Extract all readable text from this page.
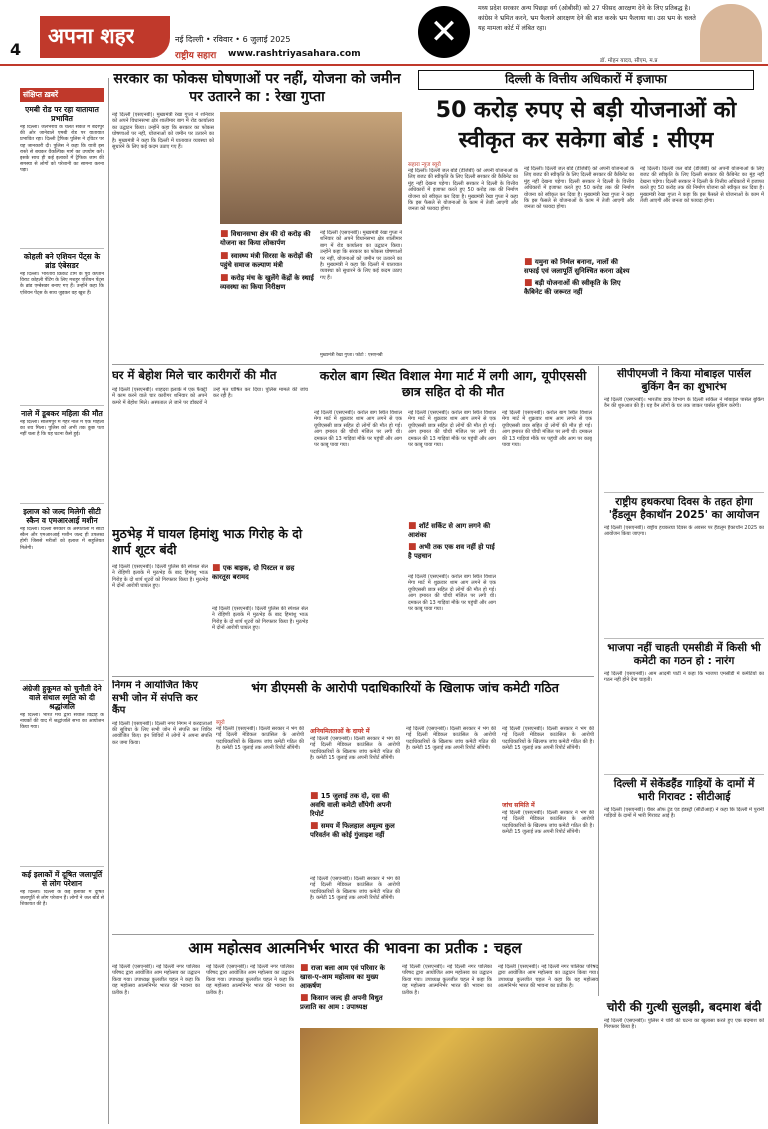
4
अपना शहर	नई दिल्ली • रविवार • 6 जुलाई 2025
राष्ट्रीय सहारा	www.rashtriyasahara.com
✕
मध्य प्रदेश सरकार अन्य पिछड़ा वर्ग (ओबीसी) को 27 फीसद आरक्षण देने के लिए प्रतिबद्ध है। कांग्रेस ने भ्रमित करने, भ्रम फैलाने आरक्षण देने की बात करके भ्रम फैलाया था। उस भ्रम के चलते यह मामला कोर्ट में लंबित रहा।
डॉ. मोहन यादव, सीएम, म.प्र
संक्षिप्त ख़बरें
एमबी रोड पर रहा यातायात प्रभावित
नई दिल्ली। जलभराव के चलते सकेत में बदरपुर की ओर जानेवाले एमबी रोड पर यातायात प्रभावित रहा। दिल्ली ट्रैफिक पुलिस ने ट्विटर पर यह जानकारी दी। पुलिस ने कहा कि यात्री इस रास्ते से बचकर वैकल्पिक मार्ग का उपयोग करें। इसके साथ ही कई इलाकों में ट्रैफिक जाम की समस्या से लोगों को परेशानी का सामना करना पड़ा।
कोहली बने एशियन पेंट्स के ब्रांड एंबेसडर
नई दिल्ली। भारतीय क्रिकेट टीम के पूर्व कप्तान विराट कोहली पेंटिंग के लिए मशहूर एशियन पेंट्स के ब्रांड एम्बेसडर बनाए गए हैं। उन्होंने कहा कि एशियन पेंट्स के साथ जुड़कर वह खुश हैं।
नाले में डूबकर महिला की मौत
नई दिल्ली। सीलमपुर में गहरे नाले में एक महिला का शव मिला। पुलिस को अभी तक कुछ पता नहीं चला है कि यह घटना कैसे हुई।
इलाज को जल्द मिलेगी सीटी स्कैन व एमआरआई मशीन
नई दिल्ली। दिल्ली सरकार के अस्पतालों में सीटी स्कैन और एमआरआई मशीन जल्द ही उपलब्ध होगी जिससे मरीजों को इलाज में सहूलियत मिलेगी।
अंग्रेजी हुकूमत को चुनौती देने वाले संथाल स्मृति को दी श्रद्धांजलि
नई दिल्ली। भारत मंच द्वारा संथाल विद्रोह के नायकों की याद में श्रद्धांजलि सभा का आयोजन किया गया।
कई इलाकों में दूषित जलापूर्ति से लोग परेशान
नई दिल्ली। दिल्ली के कई इलाकों में दूषित जलापूर्ति से लोग परेशान हैं। लोगों ने जल बोर्ड से शिकायत की है।
सरकार का फोकस घोषणाओं पर नहीं, योजना को जमीन पर उतारने का : रेखा गुप्ता
नई दिल्ली (एसएनबी)। मुख्यमंत्री रेखा गुप्ता ने शनिवार को अपने विधानसभा क्षेत्र शालीमार बाग में रोड कार्यालय का उद्घाटन किया। उन्होंने कहा कि सरकार का फोकस घोषणाओं पर नहीं, योजनाओं को जमीन पर उतारने का है। मुख्यमंत्री ने कहा कि दिल्ली में यातायात व्यवस्था को सुधारने के लिए कई कदम उठाए गए हैं।
■ विधानसभा क्षेत्र की दो करोड़ की योजना का किया लोकार्पण
■ स्वास्थ्य मंत्री सिरसा के करोड़ों की पहुंचे समाज कल्याण मंत्री
■ करोड़ मंच के खुलेंगे केंद्रों के स्थाई व्यवस्था का किया निरीक्षण
नई दिल्ली (एसएनबी)। मुख्यमंत्री रेखा गुप्ता ने शनिवार को अपने विधानसभा क्षेत्र शालीमार बाग में रोड कार्यालय का उद्घाटन किया। उन्होंने कहा कि सरकार का फोकस घोषणाओं पर नहीं, योजनाओं को जमीन पर उतारने का है। मुख्यमंत्री ने कहा कि दिल्ली में यातायात व्यवस्था को सुधारने के लिए कई कदम उठाए गए हैं।
मुख्यमंत्री रेखा गुप्ता। फोटो : एसएनबी
दिल्ली के वित्तीय अधिकारों में इजाफा
50 करोड़ रुपए से बड़ी योजनाओं को स्वीकृत कर सकेगा बोर्ड : सीएम
सहारा न्यूज ब्यूरो
नई दिल्ली। दिल्ली जल बोर्ड (डीजेबी) को अपनी योजनाओं के लिए बजट की स्वीकृति के लिए दिल्ली सरकार की कैबिनेट का मुंह नहीं देखना पड़ेगा। दिल्ली सरकार ने दिल्ली के वित्तीय अधिकारों में इजाफा करते हुए 50 करोड़ तक की निर्माण योजना को स्वीकृत कर दिया है। मुख्यमंत्री रेखा गुप्ता ने कहा कि इस फैसले से योजनाओं के काम में तेजी आएगी और जनता को फायदा होगा।
नई दिल्ली। दिल्ली जल बोर्ड (डीजेबी) को अपनी योजनाओं के लिए बजट की स्वीकृति के लिए दिल्ली सरकार की कैबिनेट का मुंह नहीं देखना पड़ेगा। दिल्ली सरकार ने दिल्ली के वित्तीय अधिकारों में इजाफा करते हुए 50 करोड़ तक की निर्माण योजना को स्वीकृत कर दिया है। मुख्यमंत्री रेखा गुप्ता ने कहा कि इस फैसले से योजनाओं के काम में तेजी आएगी और जनता को फायदा होगा।
■ यमुना को निर्मल बनाना, नालों की सफाई एवं जलापूर्ति सुनिश्चित करना उद्देश्य
■ बड़ी योजनाओं की स्वीकृति के लिए कैबिनेट की जरूरत नहीं
नई दिल्ली। दिल्ली जल बोर्ड (डीजेबी) को अपनी योजनाओं के लिए बजट की स्वीकृति के लिए दिल्ली सरकार की कैबिनेट का मुंह नहीं देखना पड़ेगा। दिल्ली सरकार ने दिल्ली के वित्तीय अधिकारों में इजाफा करते हुए 50 करोड़ तक की निर्माण योजना को स्वीकृत कर दिया है। मुख्यमंत्री रेखा गुप्ता ने कहा कि इस फैसले से योजनाओं के काम में तेजी आएगी और जनता को फायदा होगा।
घर में बेहोश मिले चार कारीगरों की मौत
नई दिल्ली (एसएनबी)। शाहदरा इलाके में एक फैक्ट्री में काम करने वाले चार कारीगर शनिवार को अपने कमरे में बेहोश मिले। अस्पताल ले जाने पर डॉक्टरों ने उन्हें मृत घोषित कर दिया। पुलिस मामले की जांच कर रही है।
करोल बाग स्थित विशाल मेगा मार्ट में लगी आग, यूपीएससी छात्र सहित दो की मौत
नई दिल्ली (एसएनबी)। करोल बाग स्थित विशाल मेगा मार्ट में शुक्रवार शाम आग लगने से एक यूपीएससी छात्र सहित दो लोगों की मौत हो गई। आग इमारत की चौथी मंजिल पर लगी थी। दमकल की 13 गाड़ियां मौके पर पहुंचीं और आग पर काबू पाया गया।
नई दिल्ली (एसएनबी)। करोल बाग स्थित विशाल मेगा मार्ट में शुक्रवार शाम आग लगने से एक यूपीएससी छात्र सहित दो लोगों की मौत हो गई। आग इमारत की चौथी मंजिल पर लगी थी। दमकल की 13 गाड़ियां मौके पर पहुंचीं और आग पर काबू पाया गया।
■ शॉर्ट सर्किट से आग लगने की आशंका
■ अभी तक एक शव नहीं हो पाई है पहचान
नई दिल्ली (एसएनबी)। करोल बाग स्थित विशाल मेगा मार्ट में शुक्रवार शाम आग लगने से एक यूपीएससी छात्र सहित दो लोगों की मौत हो गई। आग इमारत की चौथी मंजिल पर लगी थी। दमकल की 13 गाड़ियां मौके पर पहुंचीं और आग पर काबू पाया गया।
नई दिल्ली (एसएनबी)। करोल बाग स्थित विशाल मेगा मार्ट में शुक्रवार शाम आग लगने से एक यूपीएससी छात्र सहित दो लोगों की मौत हो गई। आग इमारत की चौथी मंजिल पर लगी थी। दमकल की 13 गाड़ियां मौके पर पहुंचीं और आग पर काबू पाया गया।
सीपीएमजी ने किया मोबाइल पार्सल बुकिंग वैन का शुभारंभ
नई दिल्ली (एसएनबी)। भारतीय डाक विभाग के दिल्ली सर्किल ने मोबाइल पार्सल बुकिंग वैन की शुरुआत की है। यह वैन लोगों के घर तक जाकर पार्सल बुकिंग करेगी।
राष्ट्रीय हथकरघा दिवस के तहत होगा 'हैंडलूम हैकाथॉन 2025' का आयोजन
नई दिल्ली (एसएनबी)। राष्ट्रीय हथकरघा दिवस के अवसर पर हैंडलूम हैकाथॉन 2025 का आयोजन किया जाएगा।
भाजपा नहीं चाहती एमसीडी में किसी भी कमेटी का गठन हो : नारंग
नई दिल्ली (एसएनबी)। आम आदमी पार्टी ने कहा कि भाजपा एमसीडी में कमेटियों का गठन नहीं होने देना चाहती।
दिल्ली में सेकेंडहैंड गाड़ियों के दामों में भारी गिरावट : सीटीआई
नई दिल्ली (एसएनबी)। चैंबर ऑफ ट्रेड एंड इंडस्ट्री (सीटीआई) ने कहा कि दिल्ली में पुरानी गाड़ियों के दामों में भारी गिरावट आई है।
मुठभेड़ में घायल हिमांशु भाऊ गिरोह के दो शार्प शूटर बंदी
नई दिल्ली (एसएनबी)। दिल्ली पुलिस की स्पेशल सेल ने रोहिणी इलाके में मुठभेड़ के बाद हिमांशु भाऊ गिरोह के दो शार्प शूटरों को गिरफ्तार किया है। मुठभेड़ में दोनों आरोपी घायल हुए।
■ एक बाइक, दो पिस्टल व छह कारतूस बरामद
नई दिल्ली (एसएनबी)। दिल्ली पुलिस की स्पेशल सेल ने रोहिणी इलाके में मुठभेड़ के बाद हिमांशु भाऊ गिरोह के दो शार्प शूटरों को गिरफ्तार किया है। मुठभेड़ में दोनों आरोपी घायल हुए।
निगम ने आयोजित किए सभी जोन में संपत्ति कर कैंप
नई दिल्ली (एसएनबी)। दिल्ली नगर निगम ने करदाताओं की सुविधा के लिए सभी जोन में संपत्ति कर शिविर आयोजित किए। इन शिविरों में लोगों ने अपना संपत्ति कर जमा किया।
भंग डीएमसी के आरोपी पदाधिकारियों के खिलाफ जांच कमेटी गठित
ब्यूरो
नई दिल्ली (एसएनबी)। दिल्ली सरकार ने भंग की गई दिल्ली मेडिकल काउंसिल के आरोपी पदाधिकारियों के खिलाफ जांच कमेटी गठित की है। कमेटी 15 जुलाई तक अपनी रिपोर्ट सौंपेगी।
अनियमितताओं के दायरे में
नई दिल्ली (एसएनबी)। दिल्ली सरकार ने भंग की गई दिल्ली मेडिकल काउंसिल के आरोपी पदाधिकारियों के खिलाफ जांच कमेटी गठित की है। कमेटी 15 जुलाई तक अपनी रिपोर्ट सौंपेगी।
■ 15 जुलाई तक दो, दस की अवधि वाली कमेटी सौंपेगी अपनी रिपोर्ट
■ समय में फिलहाल अमूल्य कुल परिवर्तन की कोई गुंजाइश नहीं
नई दिल्ली (एसएनबी)। दिल्ली सरकार ने भंग की गई दिल्ली मेडिकल काउंसिल के आरोपी पदाधिकारियों के खिलाफ जांच कमेटी गठित की है। कमेटी 15 जुलाई तक अपनी रिपोर्ट सौंपेगी।
नई दिल्ली (एसएनबी)। दिल्ली सरकार ने भंग की गई दिल्ली मेडिकल काउंसिल के आरोपी पदाधिकारियों के खिलाफ जांच कमेटी गठित की है। कमेटी 15 जुलाई तक अपनी रिपोर्ट सौंपेगी।
जांच समिति में
नई दिल्ली (एसएनबी)। दिल्ली सरकार ने भंग की गई दिल्ली मेडिकल काउंसिल के आरोपी पदाधिकारियों के खिलाफ जांच कमेटी गठित की है। कमेटी 15 जुलाई तक अपनी रिपोर्ट सौंपेगी।
नई दिल्ली (एसएनबी)। दिल्ली सरकार ने भंग की गई दिल्ली मेडिकल काउंसिल के आरोपी पदाधिकारियों के खिलाफ जांच कमेटी गठित की है। कमेटी 15 जुलाई तक अपनी रिपोर्ट सौंपेगी।
चोरी की गुत्थी सुलझी, बदमाश बंदी
नई दिल्ली (एसएनबी)। पुलिस ने चोरी की घटना का खुलासा करते हुए एक बदमाश को गिरफ्तार किया है।
आम महोत्सव आत्मनिर्भर भारत की भावना का प्रतीक : चहल
नई दिल्ली (एसएनबी)। नई दिल्ली नगर पालिका परिषद द्वारा आयोजित आम महोत्सव का उद्घाटन किया गया। उपाध्यक्ष कुलजीत चहल ने कहा कि यह महोत्सव आत्मनिर्भर भारत की भावना का प्रतीक है।
नई दिल्ली (एसएनबी)। नई दिल्ली नगर पालिका परिषद द्वारा आयोजित आम महोत्सव का उद्घाटन किया गया। उपाध्यक्ष कुलजीत चहल ने कहा कि यह महोत्सव आत्मनिर्भर भारत की भावना का प्रतीक है।
■ राजा बला आम एवं परिवार के खास-ए-आम महोत्सव का मुख्य आकर्षण
■ किसान जल्द ही अपनी विधुत प्रजाति का आम : उपाध्यक्ष
नई दिल्ली (एसएनबी)। नई दिल्ली नगर पालिका परिषद द्वारा आयोजित आम महोत्सव का उद्घाटन किया गया। उपाध्यक्ष कुलजीत चहल ने कहा कि यह महोत्सव आत्मनिर्भर भारत की भावना का प्रतीक है।
नई दिल्ली (एसएनबी)। नई दिल्ली नगर पालिका परिषद द्वारा आयोजित आम महोत्सव का उद्घाटन किया गया। उपाध्यक्ष कुलजीत चहल ने कहा कि यह महोत्सव आत्मनिर्भर भारत की भावना का प्रतीक है।
